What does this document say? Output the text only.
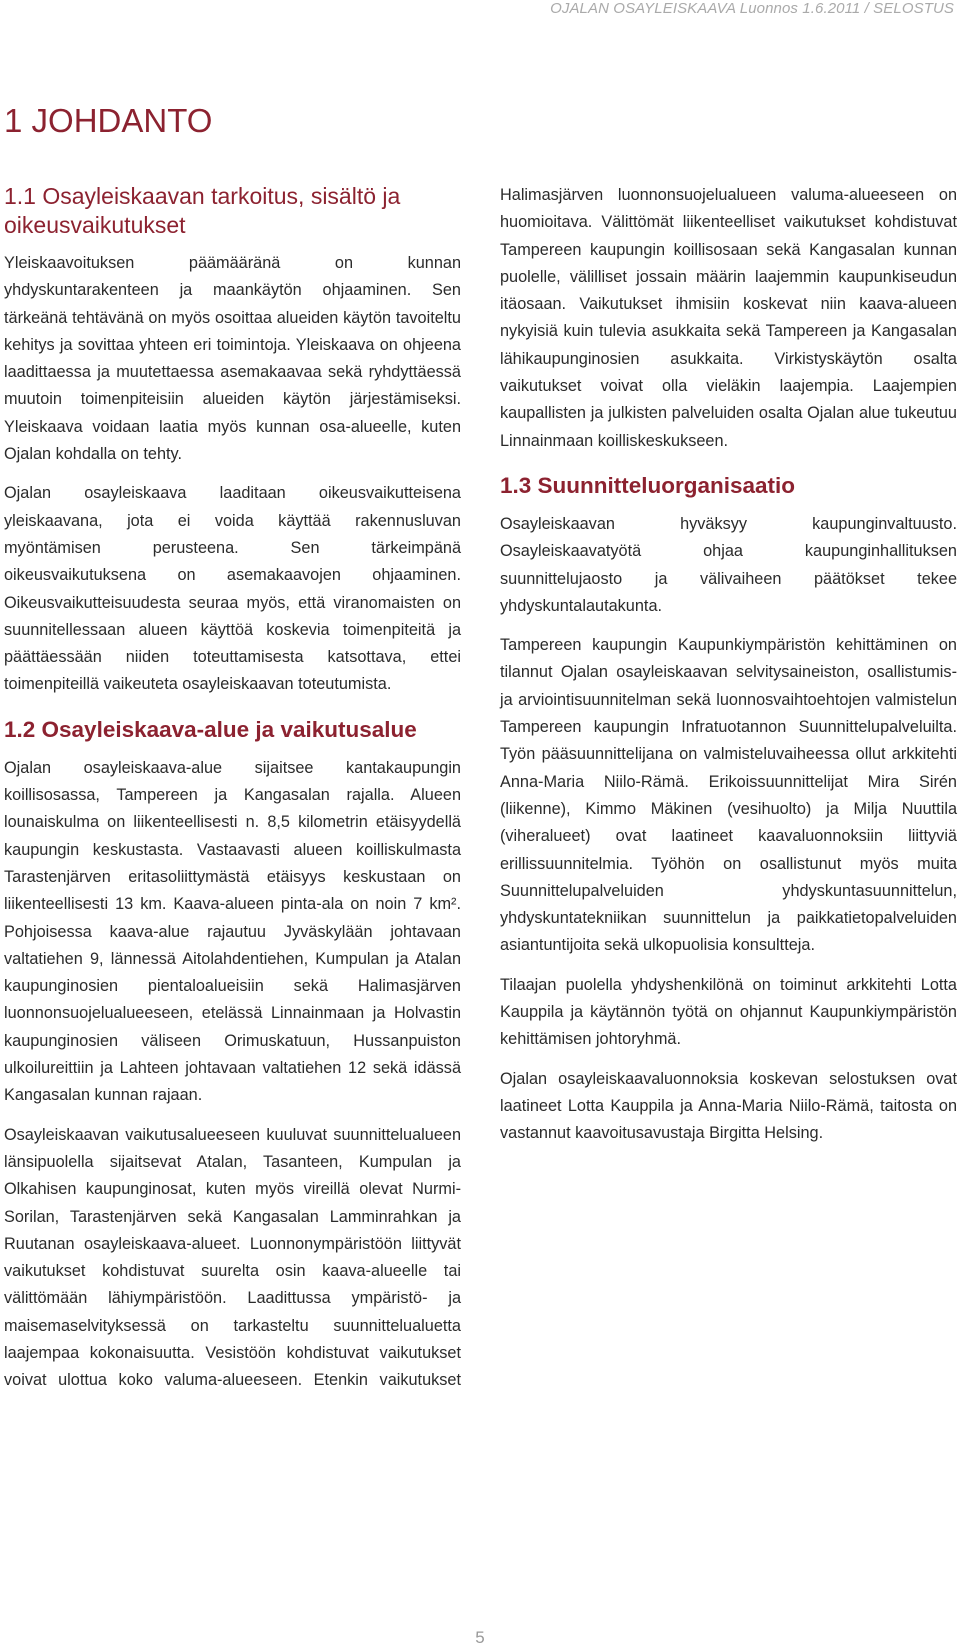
OJALAN OSAYLEISKAAVA Luonnos 1.6.2011 / SELOSTUS
1 JOHDANTO
1.1 Osayleiskaavan tarkoitus, sisältö ja oikeusvaikutukset

Yleiskaavoituksen päämääränä on kunnan yhdyskuntarakenteen ja maankäytön ohjaaminen. Sen tärkeänä tehtävänä on myös osoittaa alueiden käytön tavoiteltu kehitys ja sovittaa yhteen eri toimintoja. Yleiskaava on ohjeena laadittaessa ja muutettaessa asemakaavaa sekä ryhdyttäessä muutoin toimenpiteisiin alueiden käytön järjestämiseksi. Yleiskaava voidaan laatia myös kunnan osa-alueelle, kuten Ojalan kohdalla on tehty.

Ojalan osayleiskaava laaditaan oikeusvaikutteisena yleiskaavana, jota ei voida käyttää rakennusluvan myöntämisen perusteena. Sen tärkeimpänä oikeusvaikutuksena on asemakaavojen ohjaaminen. Oikeusvaikutteisuudesta seuraa myös, että viranomaisten on suunnitellessaan alueen käyttöä koskevia toimenpiteitä ja päättäessään niiden toteuttamisesta katsottava, ettei toimenpiteillä vaikeuteta osayleiskaavan toteutumista.

1.2 Osayleiskaava-alue ja vaikutusalue

Ojalan osayleiskaava-alue sijaitsee kantakaupungin koillisosassa, Tampereen ja Kangasalan rajalla. Alueen lounaiskulma on liikenteellisesti n. 8,5 kilometrin etäisyydellä kaupungin keskustasta. Vastaavasti alueen koilliskulmasta Tarastenjärven eritasoliittymästä etäisyys keskustaan on liikenteellisesti 13 km. Kaava-alueen pinta-ala on noin 7 km². Pohjoisessa kaava-alue rajautuu Jyväskylään johtavaan valtatiehen 9, lännessä Aitolahdentiehen, Kumpulan ja Atalan kaupunginosien pientaloalueisiin sekä Halimasjärven luonnonsuojelualueeseen, etelässä Linnainmaan ja Holvastin kaupunginosien väliseen Orimuskatuun, Hussanpuiston ulkoilureittiin ja Lahteen johtavaan valtatiehen 12 sekä idässä Kangasalan kunnan rajaan.

Osayleiskaavan vaikutusalueeseen kuuluvat suunnittelualueen länsipuolella sijaitsevat Atalan, Tasanteen, Kumpulan ja Olkahisen kaupunginosat, kuten myös vireillä olevat Nurmi-Sorilan, Tarastenjärven sekä Kangasalan Lamminrahkan ja Ruutanan osayleiskaava-alueet. Luonnonympäristöön liittyvät vaikutukset kohdistuvat suurelta osin kaava-alueelle tai välittömään lähiympäristöön. Laadittussa ympäristö- ja maisemaselvityksessä on tarkasteltu suunnittelualuetta laajempaa kokonaisuutta. Vesistöön kohdistuvat vaikutukset voivat ulottua koko valuma-alueeseen. Etenkin vaikutukset

Halimasjärven luonnonsuojelualueen valuma-alueeseen on huomioitava. Välittömät liikenteelliset vaikutukset kohdistuvat Tampereen kaupungin koillisosaan sekä Kangasalan kunnan puolelle, välilliset jossain määrin laajemmin kaupunkiseudun itäosaan. Vaikutukset ihmisiin koskevat niin kaava-alueen nykyisiä kuin tulevia asukkaita sekä Tampereen ja Kangasalan lähikaupunginosien asukkaita. Virkistyskäytön osalta vaikutukset voivat olla vieläkin laajempia. Laajempien kaupallisten ja julkisten palveluiden osalta Ojalan alue tukeutuu Linnainmaan koilliskeskukseen.

1.3 Suunnitteluorganisaatio

Osayleiskaavan hyväksyy kaupunginvaltuusto. Osayleiskaavatyötä ohjaa kaupunginhallituksen suunnittelujaosto ja välivaiheen päätökset tekee yhdyskuntalautakunta.

Tampereen kaupungin Kaupunkiympäristön kehittäminen on tilannut Ojalan osayleiskaavan selvitysaineiston, osallistumis- ja arviointisuunnitelman sekä luonnosvaihtoehtojen valmistelun Tampereen kaupungin Infratuotannon Suunnittelupalveluilta. Työn pääsuunnittelijana on valmisteluvaiheessa ollut arkkitehti Anna-Maria Niilo-Rämä. Erikoissuunnittelijat Mira Sirén (liikenne), Kimmo Mäkinen (vesihuolto) ja Milja Nuuttila (viheralueet) ovat laatineet kaavaluonnoksiin liittyviä erillissuunnitelmia. Työhön on osallistunut myös muita Suunnittelupalveluiden yhdyskuntasuunnittelun, yhdyskuntatekniikan suunnittelun ja paikkatietopalveluiden asiantuntijoita sekä ulkopuolisia konsultteja.

Tilaajan puolella yhdyshenkilönä on toiminut arkkitehti Lotta Kauppila ja käytännön työtä on ohjannut Kaupunkiympäristön kehittämisen johtoryhmä.

Ojalan osayleiskaavaluonnoksia koskevan selostuksen ovat laatineet Lotta Kauppila ja Anna-Maria Niilo-Rämä, taitosta on vastannut kaavoitusavustaja Birgitta Helsing.

5
